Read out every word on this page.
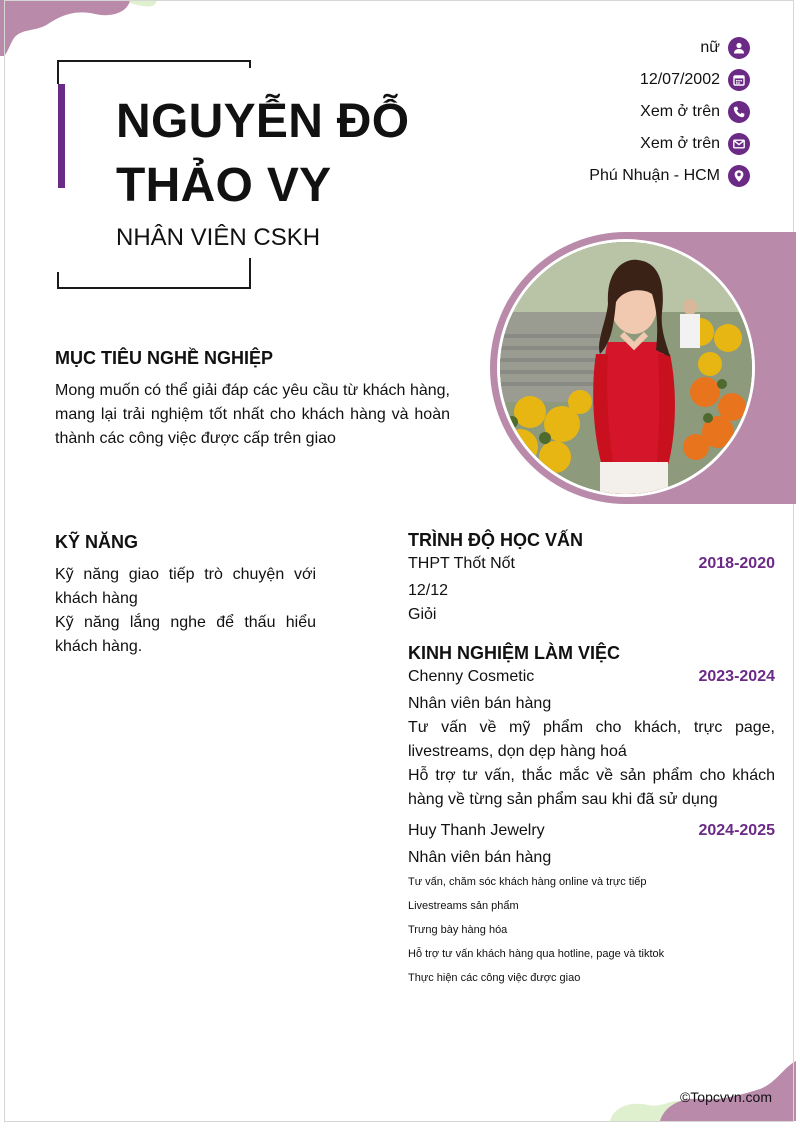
NGUYỄN ĐỖ
THẢO VY

NHÂN VIÊN CSKH

nữ
12/07/2002
Xem ở trên
Xem ở trên
Phú Nhuận - HCM
MỤC TIÊU NGHỀ NGHIỆP

Mong muốn có thể giải đáp các yêu cầu từ khách hàng, mang lại trải nghiệm tốt nhất cho khách hàng và hoàn thành các công việc được cấp trên giao

KỸ NĂNG

Kỹ năng giao tiếp trò chuyện với khách hàng

Kỹ năng lắng nghe để thấu hiểu khách hàng.

TRÌNH ĐỘ HỌC VẤN
THPT Thốt Nốt	2018-2020

12/12

Giỏi

KINH NGHIỆM LÀM VIỆC
Chenny Cosmetic	2023-2024

Nhân viên bán hàng

Tư vấn về mỹ phẩm cho khách, trực page, livestreams, dọn dẹp hàng hoá

Hỗ trợ tư vấn, thắc mắc về sản phẩm cho khách hàng về từng sản phẩm sau khi đã sử dụng

Huy Thanh Jewelry	2024-2025

Nhân viên bán hàng

Tư vấn, chăm sóc khách hàng online và trực tiếp

Livestreams sản phẩm

Trưng bày hàng hóa

Hỗ trợ tư vấn khách hàng qua hotline, page và tiktok

Thực hiện các công việc được giao

©Topcvvn.com
